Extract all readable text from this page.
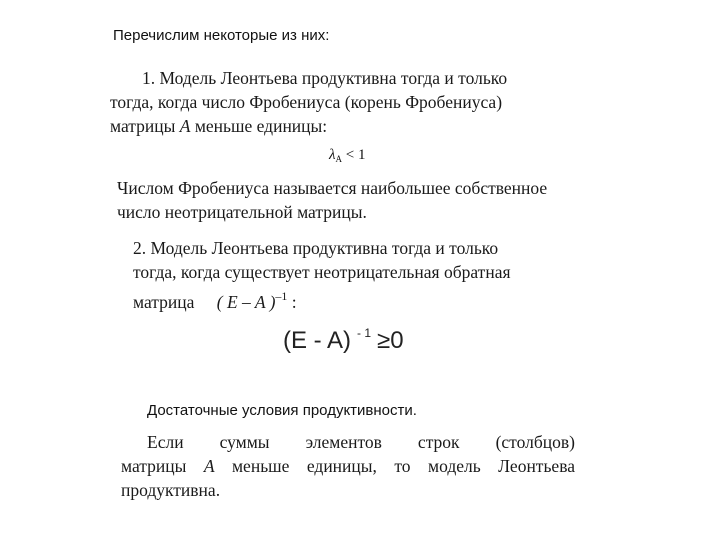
Перечислим некоторые из них:
1. Модель Леонтьева продуктивна тогда и только
тогда, когда число Фробениуса (корень Фробениуса)
матрицы A меньше единицы:
$\lambda_A < 1$
Числом Фробениуса называется наибольшее собственное
число неотрицательной матрицы.
2. Модель Леонтьева продуктивна тогда и только
тогда, когда существует неотрицательная обратная
матрица ( E – A )$^{-1}$ :
(E - A) $^{- 1}$ ≥0
Достаточные условия продуктивности.
Если суммы элементов строк (столбцов)
матрицы A меньше единицы, то модель Леонтьева
продуктивна.
